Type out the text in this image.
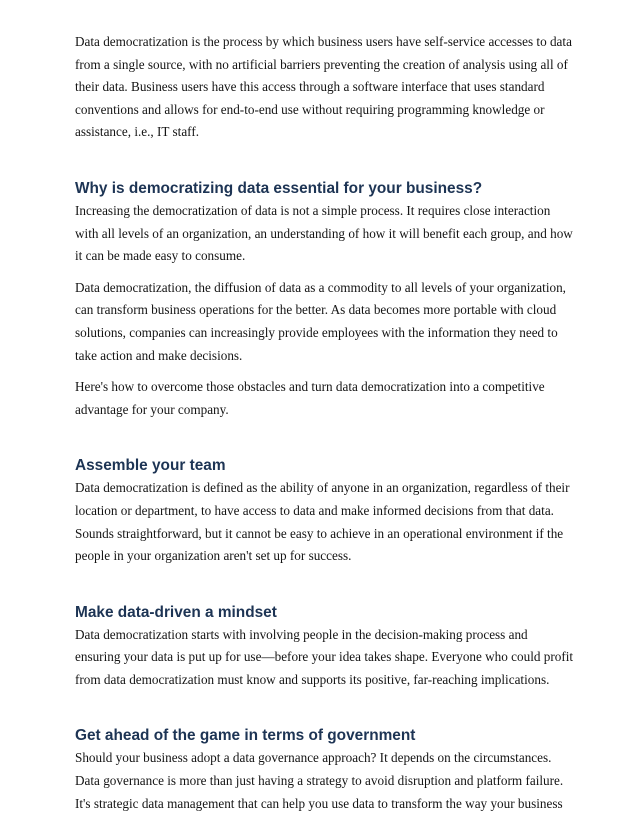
Data democratization is the process by which business users have self-service accesses to data from a single source, with no artificial barriers preventing the creation of analysis using all of their data. Business users have this access through a software interface that uses standard conventions and allows for end-to-end use without requiring programming knowledge or assistance, i.e., IT staff.

Why is democratizing data essential for your business?

Increasing the democratization of data is not a simple process. It requires close interaction with all levels of an organization, an understanding of how it will benefit each group, and how it can be made easy to consume.

Data democratization, the diffusion of data as a commodity to all levels of your organization, can transform business operations for the better. As data becomes more portable with cloud solutions, companies can increasingly provide employees with the information they need to take action and make decisions.

Here's how to overcome those obstacles and turn data democratization into a competitive advantage for your company.

Assemble your team

Data democratization is defined as the ability of anyone in an organization, regardless of their location or department, to have access to data and make informed decisions from that data. Sounds straightforward, but it cannot be easy to achieve in an operational environment if the people in your organization aren't set up for success.

Make data-driven a mindset

Data democratization starts with involving people in the decision-making process and ensuring your data is put up for use—before your idea takes shape. Everyone who could profit from data democratization must know and supports its positive, far-reaching implications.

Get ahead of the game in terms of government

Should your business adopt a data governance approach? It depends on the circumstances. Data governance is more than just having a strategy to avoid disruption and platform failure. It's strategic data management that can help you use data to transform the way your business
